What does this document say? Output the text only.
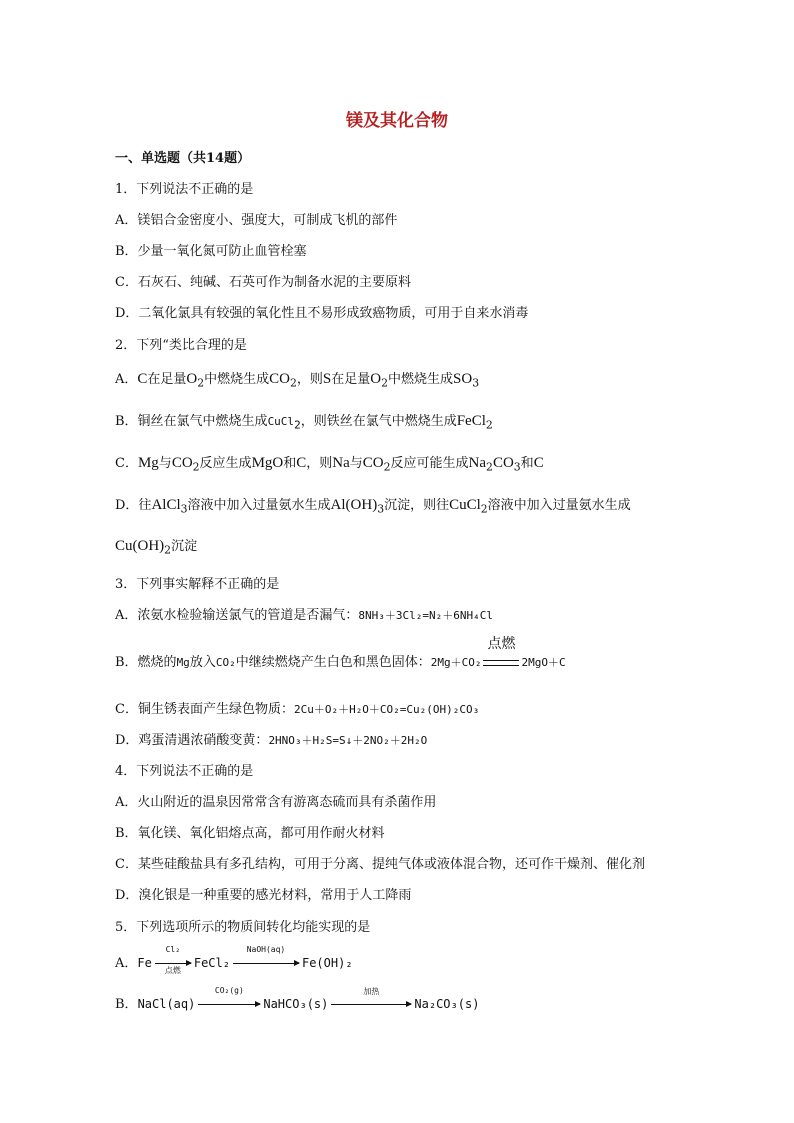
镁及其化合物
一、单选题（共14题）
1．下列说法不正确的是
A．镁铝合金密度小、强度大，可制成飞机的部件
B．少量一氧化氮可防止血管栓塞
C．石灰石、纯碱、石英可作为制备水泥的主要原料
D．二氧化氯具有较强的氧化性且不易形成致癌物质，可用于自来水消毒
2．下列“类比合理的是
A．C在足量$O_2$中燃烧生成$CO_2$，则S在足量$O_2$中燃烧生成$SO_3$
B．铜丝在氯气中燃烧生成CuCl$_2$，则铁丝在氯气中燃烧生成FeCl$_2$
C．Mg与$CO_2$反应生成MgO和C，则Na与$CO_2$反应可能生成$Na_2CO_3$和C
D．往AlCl$_3$溶液中加入过量氨水生成$Al(OH)_3$沉淀，则往CuCl$_2$溶液中加入过量氨水生成
$Cu(OH)_2$沉淀
3．下列事实解释不正确的是
A．浓氨水检验输送氯气的管道是否漏气：8NH₃＋3Cl₂=N₂＋6NH₄Cl
B．燃烧的Mg放入CO₂中继续燃烧产生白色和黑色固体：2Mg＋CO₂
点燃
2MgO＋C
C．铜生锈表面产生绿色物质：2Cu＋O₂＋H₂O＋CO₂=Cu₂(OH)₂CO₃
D．鸡蛋清遇浓硝酸变黄：2HNO₃＋H₂S=S↓＋2NO₂＋2H₂O
4．下列说法不正确的是
A．火山附近的温泉因常常含有游离态硫而具有杀菌作用
B．氧化镁、氧化铝熔点高，都可用作耐火材料
C．某些硅酸盐具有多孔结构，可用于分离、提纯气体或液体混合物，还可作干燥剂、催化剂
D．溴化银是一种重要的感光材料，常用于人工降雨
5．下列选项所示的物质间转化均能实现的是
A．Fe
Cl₂
点燃
FeCl₂
NaOH(aq)
Fe(OH)₂
B．NaCl(aq)
CO₂(g)
NaHCO₃(s)
加热
Na₂CO₃(s)
